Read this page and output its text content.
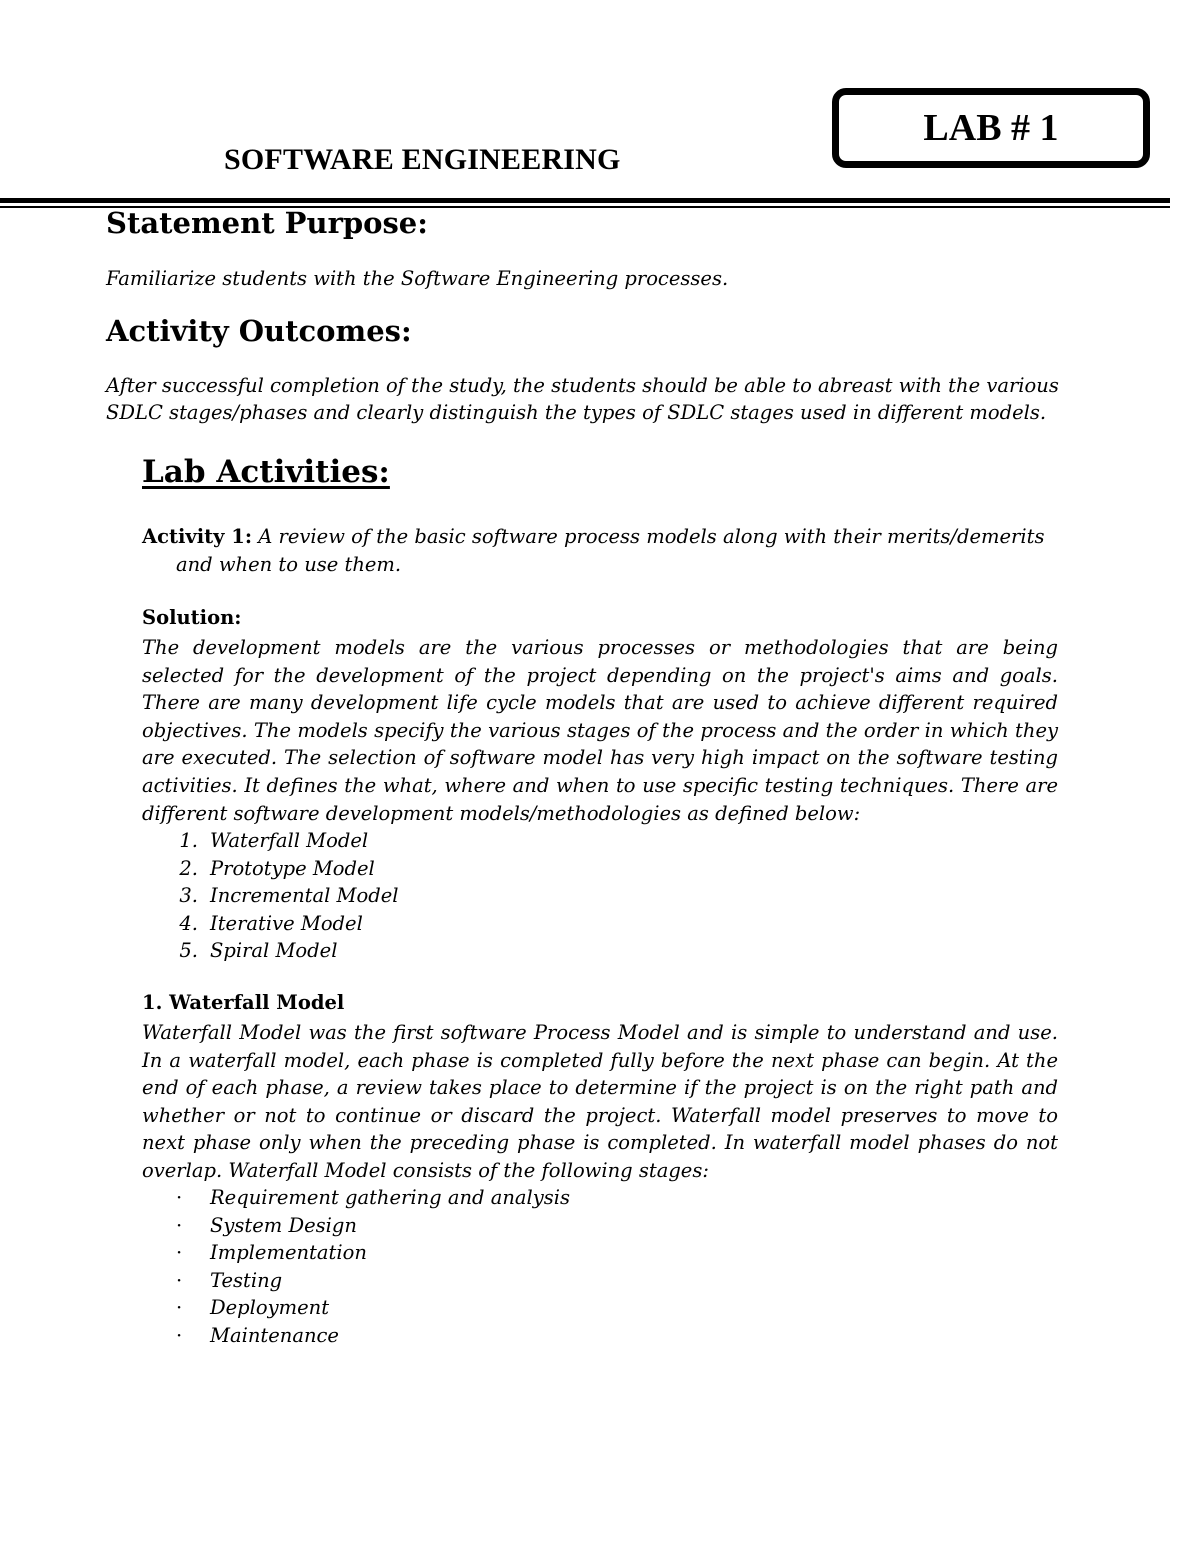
LAB # 1
SOFTWARE ENGINEERING
Statement Purpose:

Familiarize students with the Software Engineering processes.

Activity Outcomes:

After successful completion of the study, the students should be able to abreast with the various

SDLC stages/phases and clearly distinguish the types of SDLC stages used in different models.

Lab Activities:
Activity 1: A review of the basic software process models along with their merits/demerits
and when to use them.
Solution:

The development models are the various processes or methodologies that are being selected for the development of the project depending on the project's aims and goals. There are many development life cycle models that are used to achieve different required objectives. The models specify the various stages of the process and the order in which they are executed. The selection of software model has very high impact on the software testing activities. It defines the what, where and when to use specific testing techniques. There are different software development models/methodologies as defined below:

1. Waterfall Model
2. Prototype Model
3. Incremental Model
4. Iterative Model
5. Spiral Model
1. Waterfall Model

Waterfall Model was the first software Process Model and is simple to understand and use. In a waterfall model, each phase is completed fully before the next phase can begin. At the end of each phase, a review takes place to determine if the project is on the right path and whether or not to continue or discard the project. Waterfall model preserves to move to next phase only when the preceding phase is completed. In waterfall model phases do not overlap. Waterfall Model consists of the following stages:

·	Requirement gathering and analysis
·	System Design
·	Implementation
·	Testing
·	Deployment
·	Maintenance
